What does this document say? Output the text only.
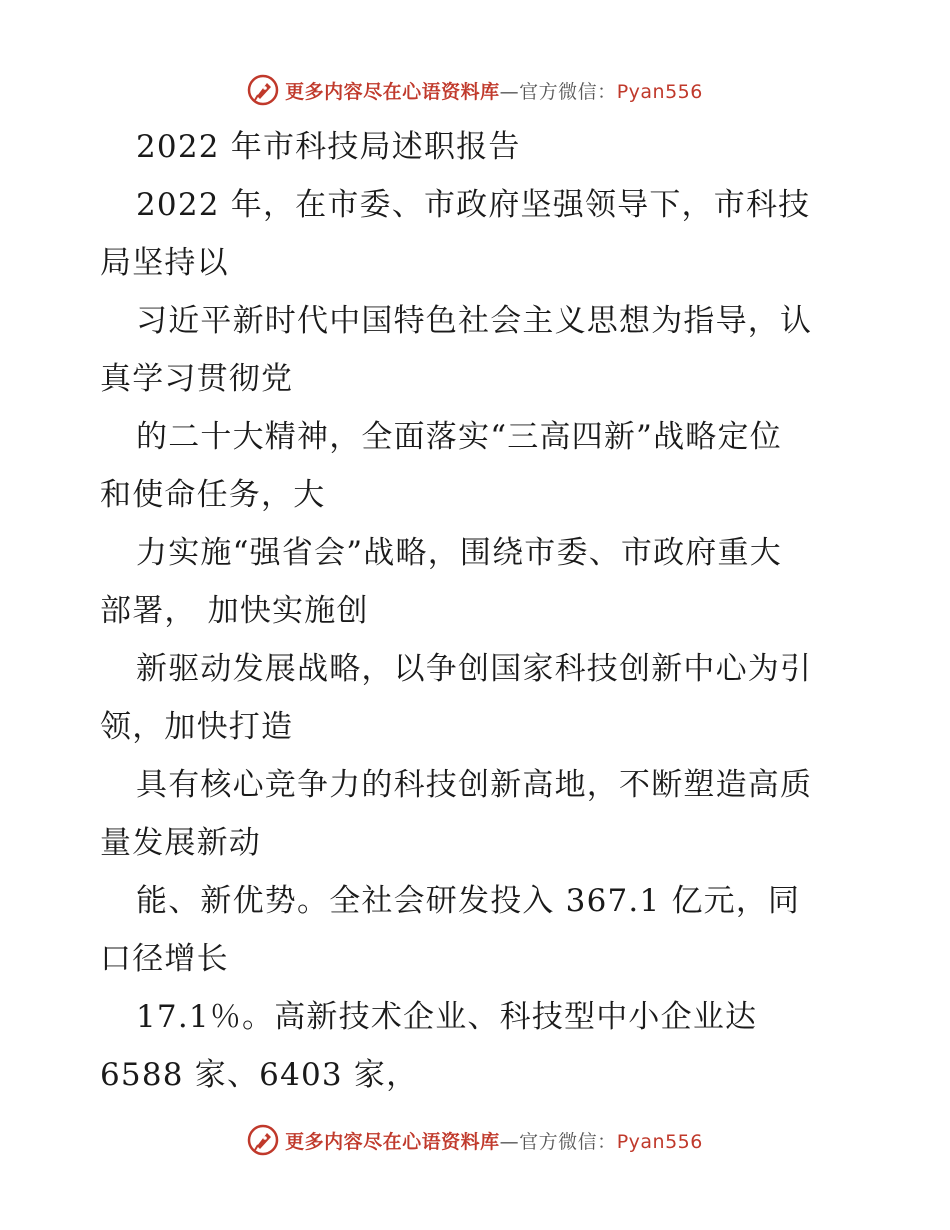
更多内容尽在心语资料库—官方微信：Pyan556
2022 年市科技局述职报告
2022 年，在市委、市政府坚强领导下，市科技
局坚持以
习近平新时代中国特色社会主义思想为指导，认
真学习贯彻党
的二十大精神，全面落实“三高四新”战略定位
和使命任务，大
力实施“强省会”战略，围绕市委、市政府重大
部署， 加快实施创
新驱动发展战略，以争创国家科技创新中心为引
领，加快打造
具有核心竞争力的科技创新高地，不断塑造高质
量发展新动
能、新优势。全社会研发投入 367.1 亿元，同
口径增长
17.1％。高新技术企业、科技型中小企业达
6588 家、6403 家，
更多内容尽在心语资料库—官方微信：Pyan556
